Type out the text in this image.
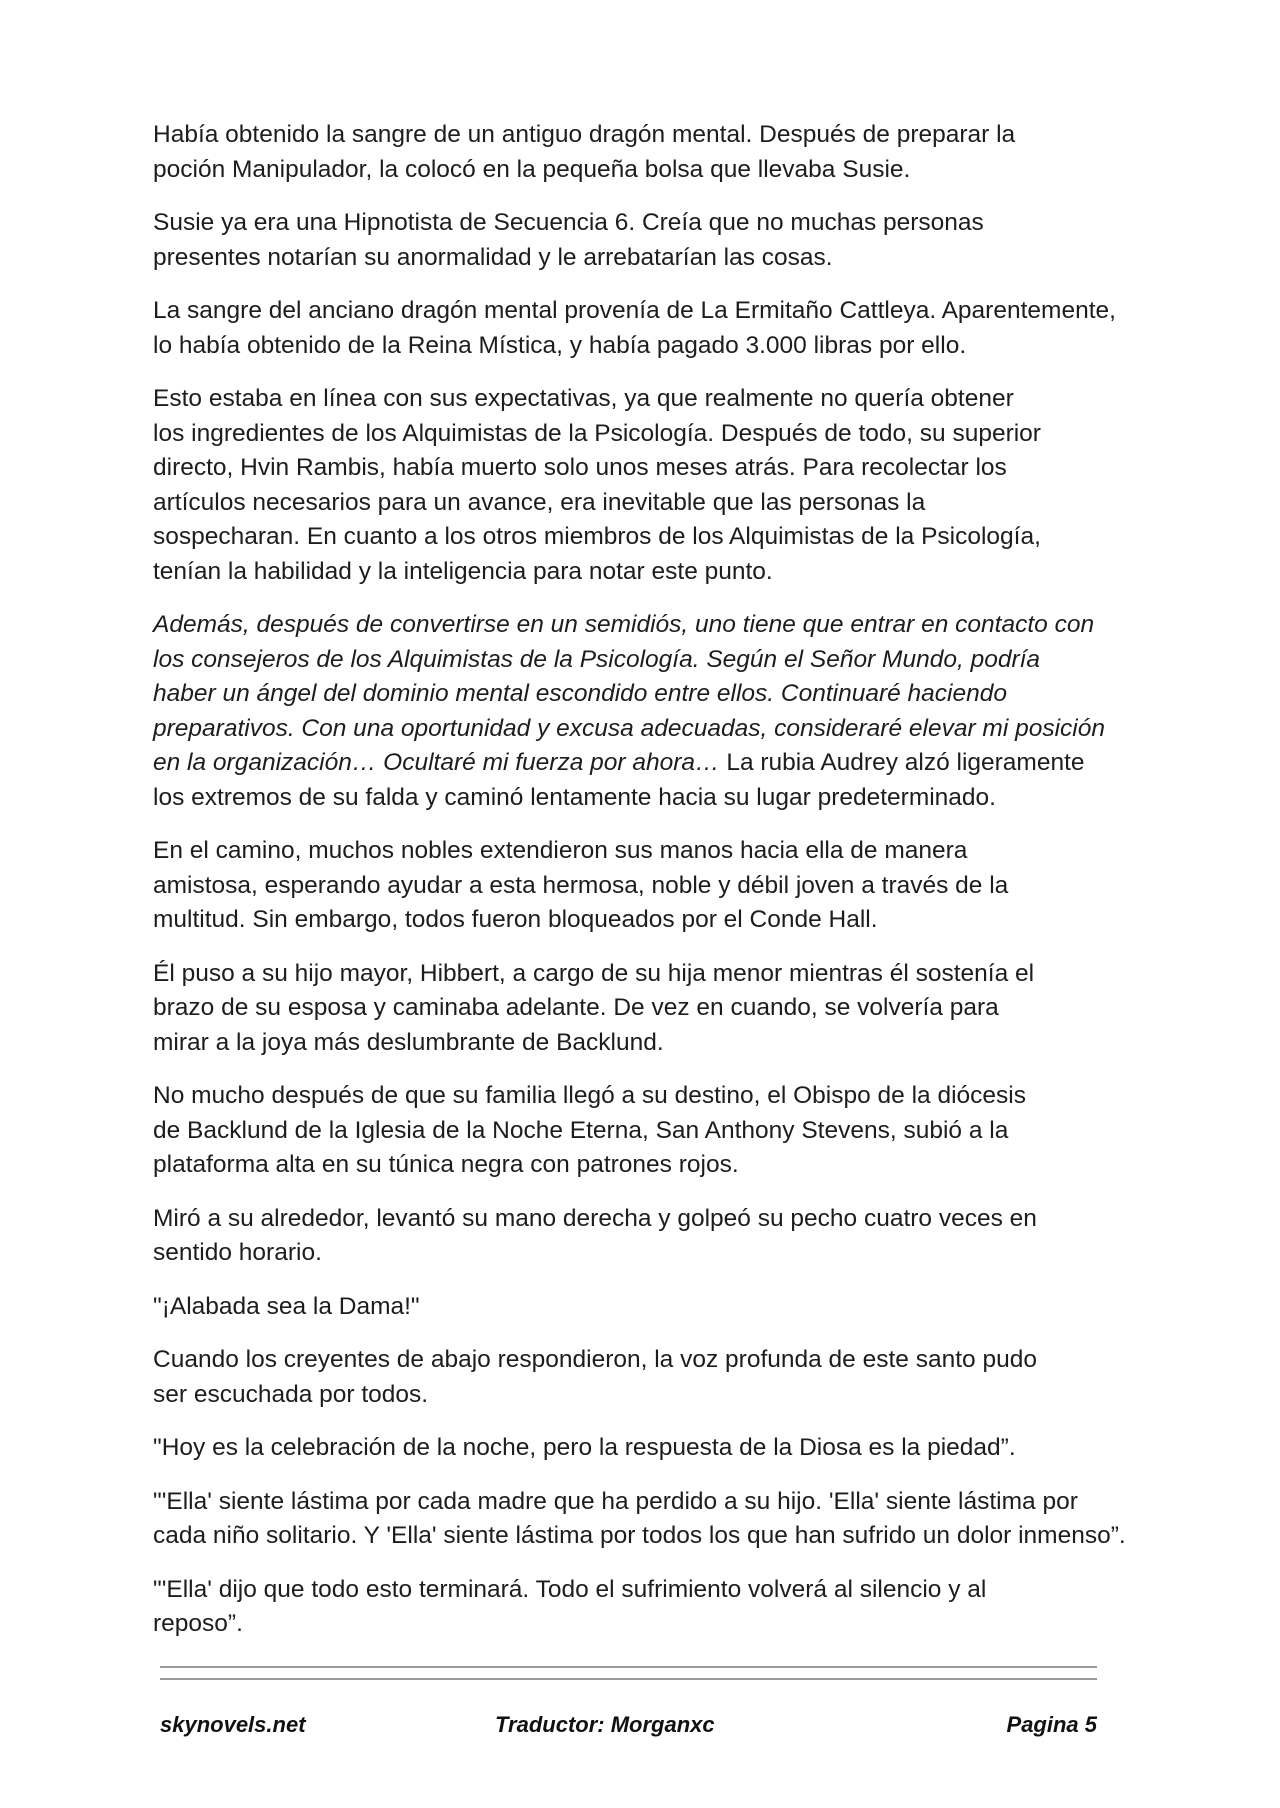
Había obtenido la sangre de un antiguo dragón mental. Después de preparar la
poción Manipulador, la colocó en la pequeña bolsa que llevaba Susie.

Susie ya era una Hipnotista de Secuencia 6. Creía que no muchas personas
presentes notarían su anormalidad y le arrebatarían las cosas.

La sangre del anciano dragón mental provenía de La Ermitaño Cattleya. Aparentemente,
lo había obtenido de la Reina Mística, y había pagado 3.000 libras por ello.

Esto estaba en línea con sus expectativas, ya que realmente no quería obtener
los ingredientes de los Alquimistas de la Psicología. Después de todo, su superior
directo, Hvin Rambis, había muerto solo unos meses atrás. Para recolectar los
artículos necesarios para un avance, era inevitable que las personas la
sospecharan. En cuanto a los otros miembros de los Alquimistas de la Psicología,
tenían la habilidad y la inteligencia para notar este punto.

Además, después de convertirse en un semidiós, uno tiene que entrar en contacto con
los consejeros de los Alquimistas de la Psicología. Según el Señor Mundo, podría
haber un ángel del dominio mental escondido entre ellos. Continuaré haciendo
preparativos. Con una oportunidad y excusa adecuadas, consideraré elevar mi posición
en la organización… Ocultaré mi fuerza por ahora… La rubia Audrey alzó ligeramente
los extremos de su falda y caminó lentamente hacia su lugar predeterminado.

En el camino, muchos nobles extendieron sus manos hacia ella de manera
amistosa, esperando ayudar a esta hermosa, noble y débil joven a través de la
multitud. Sin embargo, todos fueron bloqueados por el Conde Hall.

Él puso a su hijo mayor, Hibbert, a cargo de su hija menor mientras él sostenía el
brazo de su esposa y caminaba adelante. De vez en cuando, se volvería para
mirar a la joya más deslumbrante de Backlund.

No mucho después de que su familia llegó a su destino, el Obispo de la diócesis
de Backlund de la Iglesia de la Noche Eterna, San Anthony Stevens, subió a la
plataforma alta en su túnica negra con patrones rojos.

Miró a su alrededor, levantó su mano derecha y golpeó su pecho cuatro veces en
sentido horario.

"¡Alabada sea la Dama!"

Cuando los creyentes de abajo respondieron, la voz profunda de este santo pudo
ser escuchada por todos.

"Hoy es la celebración de la noche, pero la respuesta de la Diosa es la piedad”.

"'Ella' siente lástima por cada madre que ha perdido a su hijo. 'Ella' siente lástima por
cada niño solitario. Y 'Ella' siente lástima por todos los que han sufrido un dolor inmenso”.

"'Ella' dijo que todo esto terminará. Todo el sufrimiento volverá al silencio y al
reposo”.

skynovels.net	Traductor: Morganxc	Pagina 5
